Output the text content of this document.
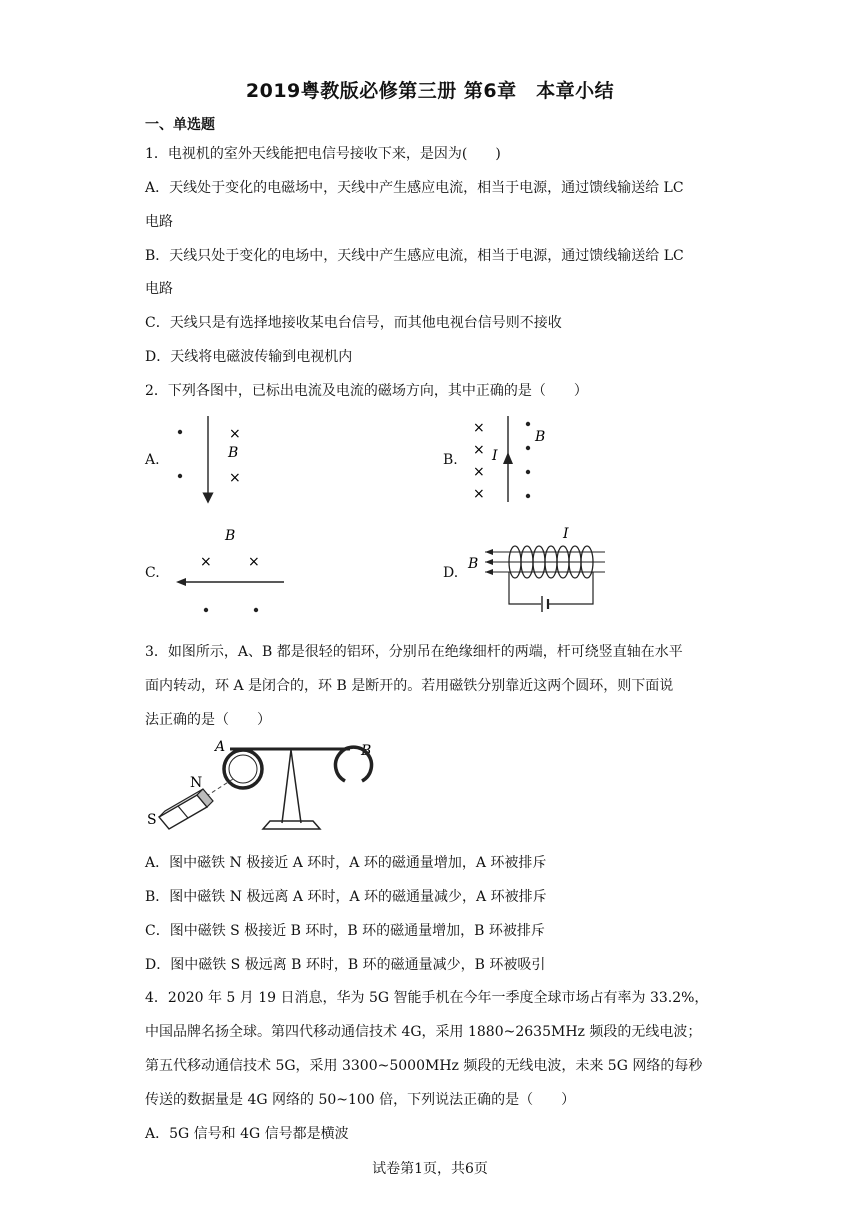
2019粤教版必修第三册 第6章　本章小结
一、单选题
1．电视机的室外天线能把电信号接收下来，是因为(　　)
A．天线处于变化的电磁场中，天线中产生感应电流，相当于电源，通过馈线输送给 LC
电路
B．天线只处于变化的电场中，天线中产生感应电流，相当于电源，通过馈线输送给 LC
电路
C．天线只是有选择地接收某电台信号，而其他电视台信号则不接收
D．天线将电磁波传输到电视机内
2．下列各图中，已标出电流及电流的磁场方向，其中正确的是（　　）
A.
×
B
×
B.
×
×
×
×
I
B
C.
B
×	×
D.
I
B
3．如图所示，A、B 都是很轻的铝环，分别吊在绝缘细杆的两端，杆可绕竖直轴在水平
面内转动，环 A 是闭合的，环 B 是断开的。若用磁铁分别靠近这两个圆环，则下面说
法正确的是（　　）
A	B
N
S
A．图中磁铁 N 极接近 A 环时，A 环的磁通量增加，A 环被排斥
B．图中磁铁 N 极远离 A 环时，A 环的磁通量减少，A 环被排斥
C．图中磁铁 S 极接近 B 环时，B 环的磁通量增加，B 环被排斥
D．图中磁铁 S 极远离 B 环时，B 环的磁通量减少，B 环被吸引
4．2020 年 5 月 19 日消息，华为 5G 智能手机在今年一季度全球市场占有率为 33.2%，
中国品牌名扬全球。第四代移动通信技术 4G，采用 1880~2635MHz 频段的无线电波；
第五代移动通信技术 5G，采用 3300~5000MHz 频段的无线电波，未来 5G 网络的每秒
传送的数据量是 4G 网络的 50~100 倍，下列说法正确的是（　　）
A．5G 信号和 4G 信号都是横波
试卷第1页，共6页
